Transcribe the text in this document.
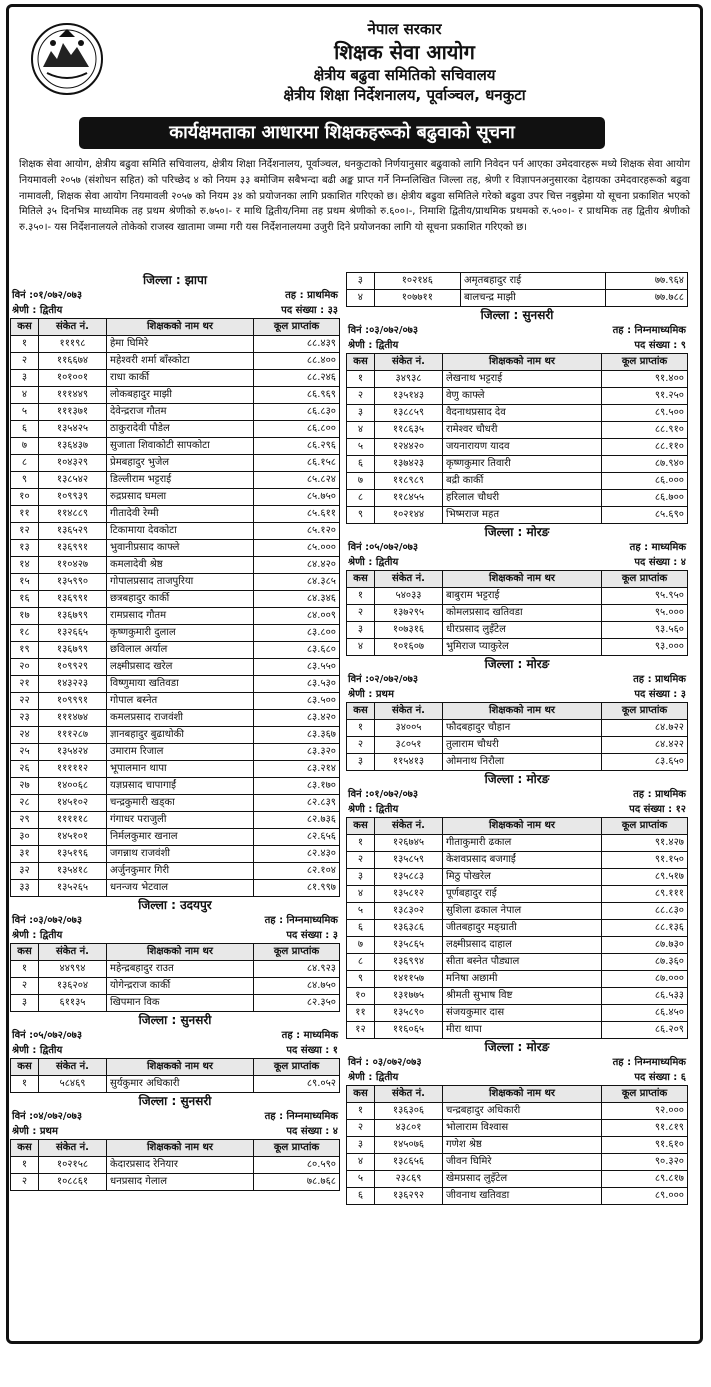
नेपाल सरकार
शिक्षक सेवा आयोग
क्षेत्रीय बढुवा समितिको सचिवालय
क्षेत्रीय शिक्षा निर्देशनालय, पूर्वाञ्चल, धनकुटा
कार्यक्षमताका आधारमा शिक्षकहरूको बढुवाको सूचना
शिक्षक सेवा आयोग, क्षेत्रीय बढुवा समिति सचिवालय, क्षेत्रीय शिक्षा निर्देशनालय, पूर्वाञ्चल, धनकुटाको निर्णयानुसार बढुवाको लागि निवेदन पर्न आएका उमेदवारहरू मध्ये शिक्षक सेवा आयोग नियमावली २०५७ (संशोधन सहित) को परिच्छेद ४ को नियम ३३ बमोजिम सबैभन्दा बढी अङ्क प्राप्त गर्ने निम्नलिखित जिल्ला तह, श्रेणी र विज्ञापनअनुसारका देहायका उमेदवारहरूको बढुवा नामावली, शिक्षक सेवा आयोग नियमावली २०५७ को नियम ३४ को प्रयोजनका लागि प्रकाशित गरिएको छ। क्षेत्रीय बढुवा समितिले गरेको बढुवा उपर चित्त नबुझेमा यो सूचना प्रकाशित भएको मितिले ३५ दिनभित्र माध्यमिक तह प्रथम श्रेणीको रु.७५०।- र माथि द्वितीय/निमा तह प्रथम श्रेणीको रु.६००।-, निमाशि द्वितीय/प्राथमिक प्रथमको रु.५००।- र प्राथमिक तह द्वितीय श्रेणीको रु.३५०।- यस निर्देशनालयले तोकेको राजस्व खातामा जम्मा गरी यस निर्देशनालयमा उजुरी दिने प्रयोजनका लागि यो सूचना प्रकाशित गरिएको छ।
जिल्ला : झापा
विनं :०१/०७२/०७३	तह : प्राथमिक
श्रेणी : द्वितीय	पद संख्या : ३३
कस	संकेत नं.	शिक्षकको नाम थर	कूल प्राप्तांक
१	१११९८	हेमा घिमिरे	८८.४३९
२	११६६७४	महेश्वरी शर्मा बाँस्कोटा	८८.४००
३	१०१००१	राधा कार्की	८८.२४६
४	१११४४९	लोकबहादुर माझी	८६.९६९
५	१११३७१	देवेन्द्रराज गौतम	८६.८३०
६	१३५४२५	ठाकुरादेवी पौडेल	८६.८००
७	१३६४३७	सुजाता शिवाकोटी सापकोटा	८६.२९६
८	१०४३२९	प्रेमबहादुर भुजेल	८६.१५८
९	१३८५४२	डिल्लीराम भट्टराई	८५.८२४
१०	१०९९३९	रुद्रप्रसाद घमला	८५.७५०
११	११४८८९	गीतादेवी रेग्मी	८५.६११
१२	१३६५२९	टिकामाया देवकोटा	८५.१२०
१३	१३६९९१	भुवानीप्रसाद काफ्ले	८५.०००
१४	११०४२७	कमलादेवी श्रेष्ठ	८४.४२०
१५	१३५९९०	गोपालप्रसाद ताजपुरिया	८४.३८५
१६	१३६९९१	छत्रबहादुर कार्की	८४.३४६
१७	१३६७९९	रामप्रसाद गौतम	८४.००९
१८	१३२६६५	कृष्णकुमारी दुलाल	८३.८००
१९	१३६७९९	छविलाल अर्याल	८३.६८०
२०	१०९९२९	लक्ष्मीप्रसाद खरेल	८३.५५०
२१	१४३२२३	विष्णुमाया खतिवडा	८३.५३०
२२	१०९९९१	गोपाल बस्नेत	८३.५००
२३	१११४७४	कमलप्रसाद राजवंशी	८३.४२०
२४	१११२८७	ज्ञानबहादुर बुढाथोकी	८३.३६७
२५	१३५४२४	उमाराम रिजाल	८३.३२०
२६	१११११२	भूपालमान थापा	८३.२१४
२७	१४००६८	यज्ञप्रसाद चापागाईं	८३.१७०
२८	१४५१०२	चन्द्रकुमारी खड्का	८२.८३९
२९	१११११८	गंगाधर पराजुली	८२.७३६
३०	१४५१०१	निर्मलकुमार खनाल	८२.६५६
३१	१३५१९६	जगन्नाथ राजवंशी	८२.४३०
३२	१३५४१८	अर्जुनकुमार गिरी	८२.१०४
३३	१३५२६५	धनन्जय भेटवाल	८१.९९७
जिल्ला : उदयपुर
विनं :०३/०७२/०७३	तह : निम्नमाध्यमिक
श्रेणी : द्वितीय	पद संख्या : ३
कस	संकेत नं.	शिक्षकको नाम थर	कूल प्राप्तांक
१	४४९९४	महेन्द्रबहादुर राउत	८४.९२३
२	१३६२०४	योगेन्द्रराज कार्की	८४.७५०
३	६११३५	खिपमान विक	८२.३५०
जिल्ला : सुनसरी
विनं :०५/०७२/०७३	तह : माध्यमिक
श्रेणी : द्वितीय	पद संख्या : १
कस	संकेत नं.	शिक्षकको नाम थर	कूल प्राप्तांक
१	५८४६९	सुर्यकुमार अधिकारी	८९.०५२
जिल्ला : सुनसरी
विनं :०४/०७२/०७३	तह : निम्नमाध्यमिक
श्रेणी : प्रथम	पद संख्या : ४
कस	संकेत नं.	शिक्षकको नाम थर	कूल प्राप्तांक
१	१०२१५८	केदारप्रसाद रेनियार	८०.५९०
२	१०८८६१	धनप्रसाद गेलाल	७८.७६८
३	१०२१४६	अमृतबहादुर राई	७७.९६४
४	१०७७११	बालचन्द्र माझी	७७.७८८
जिल्ला : सुनसरी
विनं :०३/०७२/०७३	तह : निम्नमाध्यमिक
श्रेणी : द्वितीय	पद संख्या : ९
कस	संकेत नं.	शिक्षकको नाम थर	कूल प्राप्तांक
१	३४९३८	लेखनाथ भट्टराई	९१.४००
२	१३५१४३	वेणु काफ्ले	९१.२५०
३	१३८८५९	वैदनाथप्रसाद देव	८९.५००
४	११८६३५	रामेश्वर चौधरी	८८.९१०
५	१२४४२०	जयनारायण यादव	८८.११०
६	१३७४२३	कृष्णकुमार तिवारी	८७.९४०
७	११८९८९	बद्री कार्की	८६.०००
८	११८४५५	हरिलाल चौधरी	८६.७००
९	१०२१४४	भिष्मराज महत	८५.६९०
जिल्ला : मोरङ
विनं :०५/०७२/०७३	तह : माध्यमिक
श्रेणी : द्वितीय	पद संख्या : ४
कस	संकेत नं.	शिक्षकको नाम थर	कूल प्राप्तांक
१	५४०३३	बाबुराम भट्टराई	९५.९५०
२	१३७२९५	कोमलप्रसाद खतिवडा	९५.०००
३	१०७३१६	धीरप्रसाद लुइँटेल	९३.५६०
४	१०१६०७	भुमिराज प्याकुरेल	९३.०००
जिल्ला : मोरङ
विनं :०२/०७२/०७३	तह : प्राथमिक
श्रेणी : प्रथम	पद संख्या : ३
कस	संकेत नं.	शिक्षकको नाम थर	कूल प्राप्तांक
१	३४००५	फौदबहादुर चौहान	८४.७२२
२	३८०५१	तुलाराम चौधरी	८४.४२२
३	११५४१३	ओमनाथ निरौला	८३.६५०
जिल्ला : मोरङ
विनं :०१/०७२/०७३	तह : प्राथमिक
श्रेणी : द्वितीय	पद संख्या : १२
कस	संकेत नं.	शिक्षकको नाम थर	कूल प्राप्तांक
१	१२६७४५	गीताकुमारी ढकाल	९१.४२७
२	१३५८५९	केशवप्रसाद बजगाईं	९१.१५०
३	१३५८८३	मिठु पोखरेल	८९.५१७
४	१३५८१२	पूर्णबहादुर राई	८९.१११
५	१३८३०२	सुशिला ढकाल नेपाल	८८.८३०
६	१३६३८६	जीतबहादुर मङ्ग्राती	८८.१३६
७	१३५८६५	लक्ष्मीप्रसाद दाहाल	८७.७३०
८	१३६९९४	सीता बस्नेत पौड्याल	८७.३६०
९	१४११५७	मनिषा अछामी	८७.०००
१०	१३१७७५	श्रीमती सुभाष विष्ट	८६.५३३
११	१३५८९०	संजयकुमार दास	८६.४५०
१२	११६०६५	मीरा थापा	८६.२०९
जिल्ला : मोरङ
विनं : ०३/०७२/०७३	तह : निम्नमाध्यमिक
श्रेणी : द्वितीय	पद संख्या : ६
कस	संकेत नं.	शिक्षकको नाम थर	कूल प्राप्तांक
१	१३६३०६	चन्द्रबहादुर अधिकारी	९२.०००
२	४३८०१	भोलाराम विश्वास	९१.८१९
३	१४५०७६	गणेश श्रेष्ठ	९१.६१०
४	१३८६५६	जीवन घिमिरे	९०.३२०
५	२३८६९	खेमप्रसाद लुइँटेल	८९.८१७
६	१३६२९२	जीवनाथ खतिवडा	८९.०००
